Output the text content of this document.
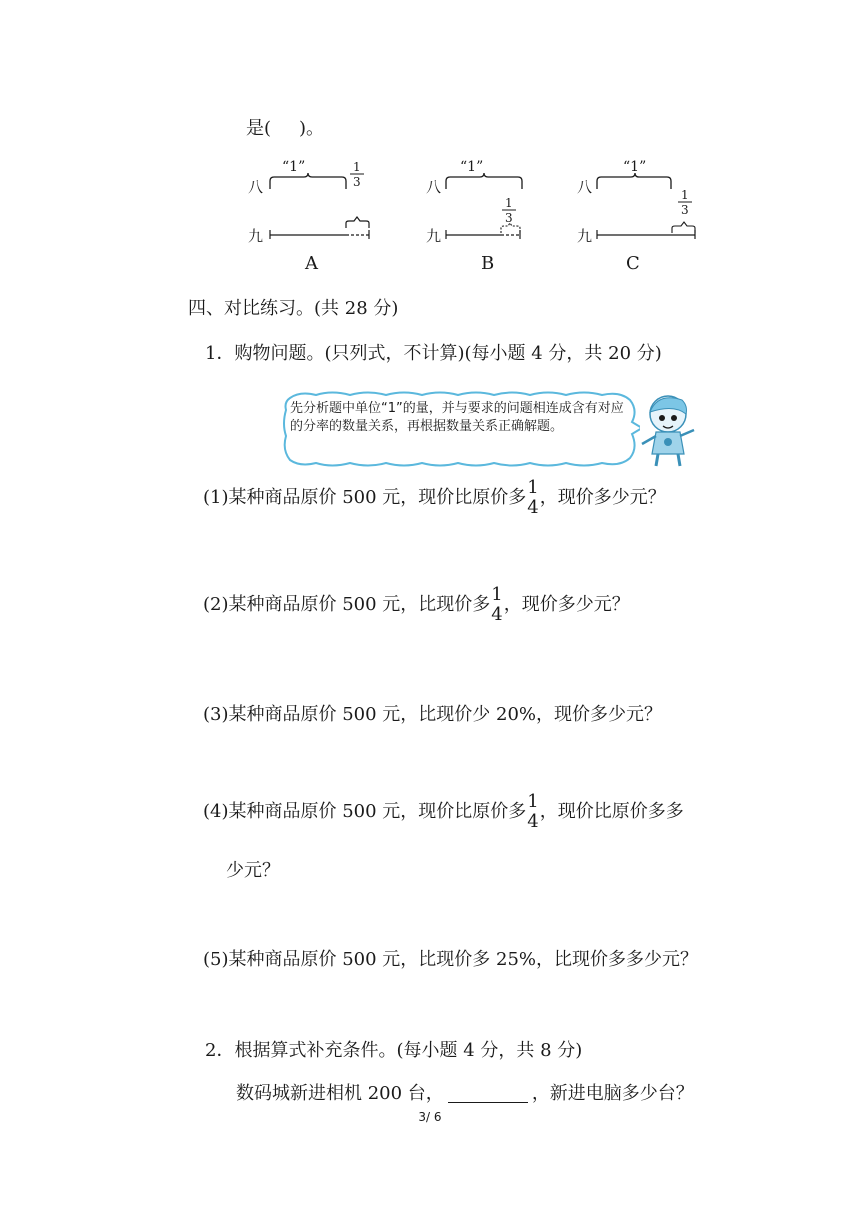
是( )。
八
“1”	1
3
九
A
八
“1”
1
3
九
B
八
“1”
1
3
九
C
四、对比练习。(共 28 分)
1．购物问题。(只列式，不计算)(每小题 4 分，共 20 分)
先分析题中单位“1”的量，并与要求的问题相连成含有对应的分率的数量关系，再根据数量关系正确解题。
(1)某种商品原价 500 元，现价比原价多 1
4 ，现价多少元？
(2)某种商品原价 500 元，比现价多 1
4 ，现价多少元？
(3)某种商品原价 500 元，比现价少 20%，现价多少元？
(4)某种商品原价 500 元，现价比原价多 1
4 ，现价比原价多多
少元？
(5)某种商品原价 500 元，比现价多 25%，比现价多多少元？
2．根据算式补充条件。(每小题 4 分，共 8 分)
数码城新进相机 200 台，	，新进电脑多少台？
3/ 6
